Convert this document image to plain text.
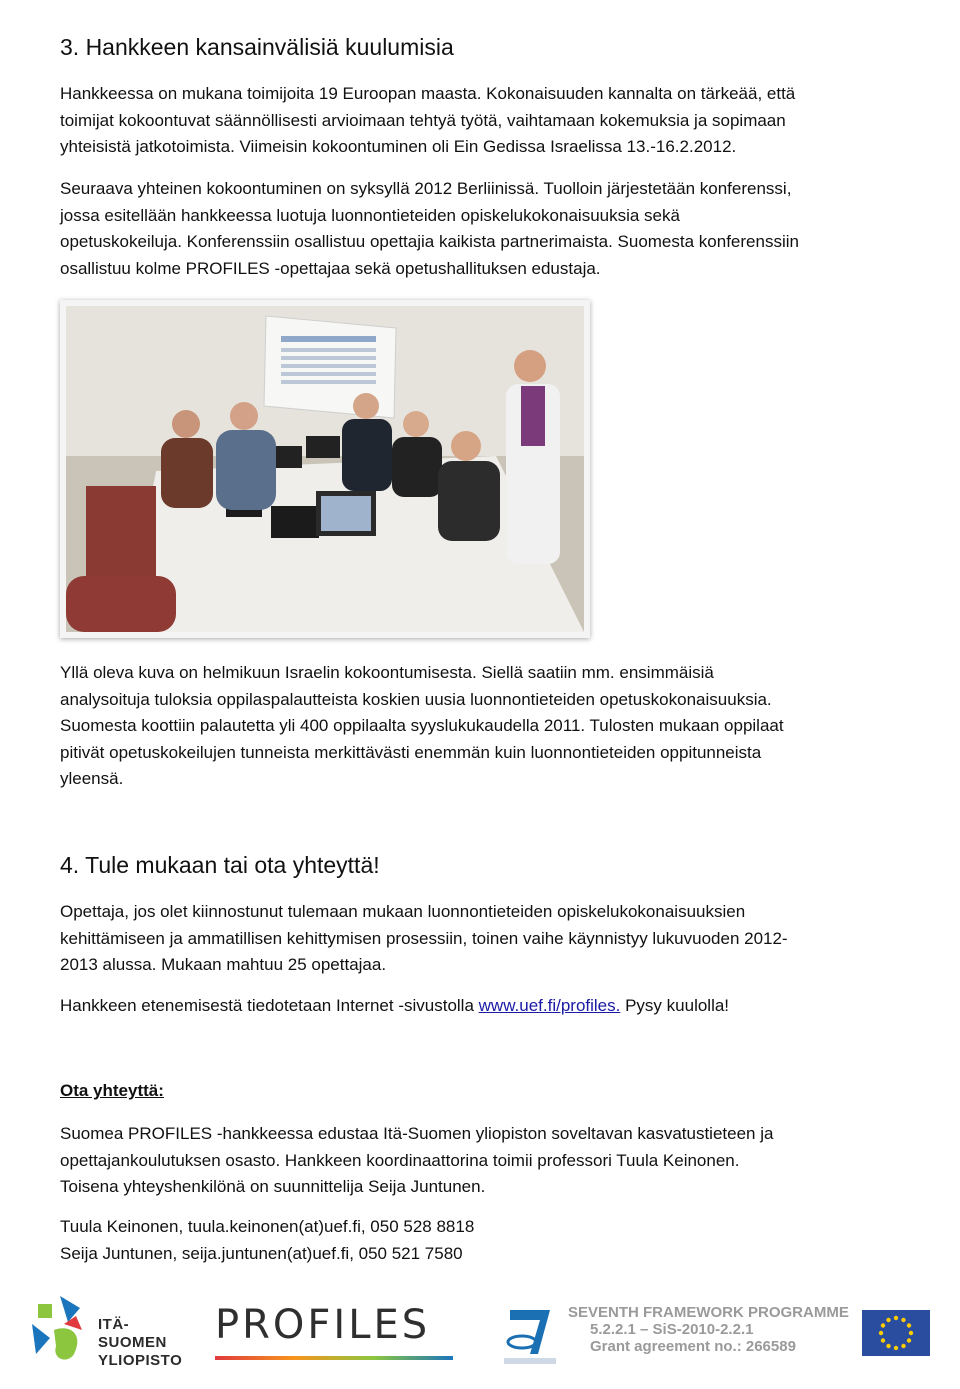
3. Hankkeen kansainvälisiä kuulumisia
Hankkeessa on mukana toimijoita 19 Euroopan maasta. Kokonaisuuden kannalta on tärkeää, että
toimijat kokoontuvat säännöllisesti arvioimaan tehtyä työtä, vaihtamaan kokemuksia ja sopimaan
yhteisistä jatkotoimista. Viimeisin kokoontuminen oli Ein Gedissa Israelissa 13.-16.2.2012.
Seuraava yhteinen kokoontuminen on syksyllä 2012 Berliinissä. Tuolloin järjestetään konferenssi,
jossa esitellään hankkeessa luotuja luonnontieteiden opiskelukokonaisuuksia sekä
opetuskokeiluja. Konferenssiin osallistuu opettajia kaikista partnerimaista. Suomesta konferenssiin
osallistuu kolme PROFILES -opettajaa sekä opetushallituksen edustaja.
Yllä oleva kuva on helmikuun Israelin kokoontumisesta. Siellä saatiin mm. ensimmäisiä
analysoituja tuloksia oppilaspalautteista koskien uusia luonnontieteiden opetuskokonaisuuksia.
Suomesta koottiin palautetta yli 400 oppilaalta syyslukukaudella 2011. Tulosten mukaan oppilaat
pitivät opetuskokeilujen tunneista merkittävästi enemmän kuin luonnontieteiden oppitunneista
yleensä.
4. Tule mukaan tai ota yhteyttä!
Opettaja, jos olet kiinnostunut tulemaan mukaan luonnontieteiden opiskelukokonaisuuksien
kehittämiseen ja ammatillisen kehittymisen prosessiin, toinen vaihe käynnistyy lukuvuoden 2012-
2013 alussa. Mukaan mahtuu 25 opettajaa.
Hankkeen etenemisestä tiedotetaan Internet -sivustolla www.uef.fi/profiles. Pysy kuulolla!
Ota yhteyttä:
Suomea PROFILES -hankkeessa edustaa Itä-Suomen yliopiston soveltavan kasvatustieteen ja
opettajankoulutuksen osasto. Hankkeen koordinaattorina toimii professori Tuula Keinonen.
Toisena yhteyshenkilönä on suunnittelija Seija Juntunen.
Tuula Keinonen, tuula.keinonen(at)uef.fi, 050 528 8818
Seija Juntunen, seija.juntunen(at)uef.fi, 050 521 7580
ITÄ-SUOMEN
YLIOPISTO
PROFILES	SEVENTH FRAMEWORK PROGRAMME
5.2.2.1 – SiS-2010-2.2.1
Grant agreement no.: 266589
